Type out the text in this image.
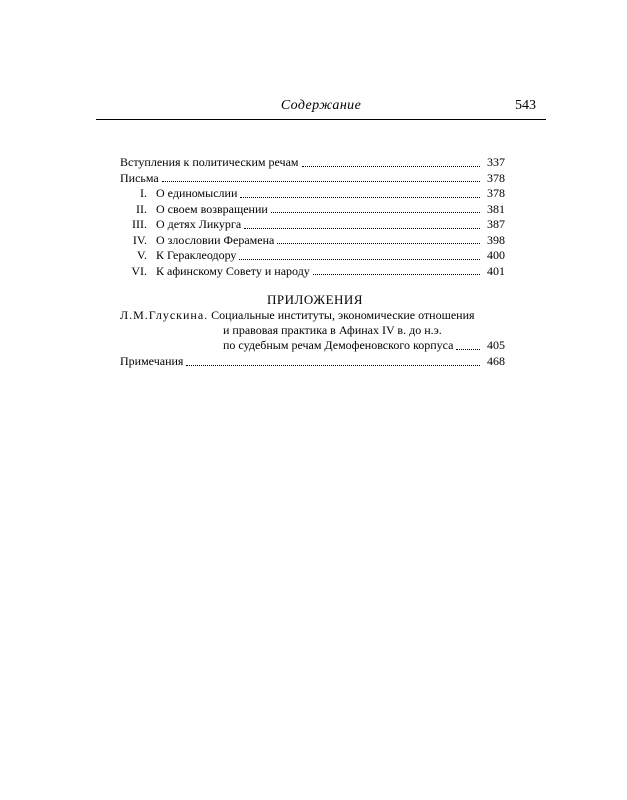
Содержание	543
Вступления к политическим речам	337
Письма	378
I. О единомыслии	378
II. О своем возвращении	381
III. О детях Ликурга	387
IV. О злословии Ферамена	398
V. К Гераклеодору	400
VI. К афинскому Совету и народу	401
ПРИЛОЖЕНИЯ
Л.М.Глускина. Социальные институты, экономические отношения
и правовая практика в Афинах IV в. до н.э.
по судебным речам Демофеновского корпуса	405
Примечания	468
